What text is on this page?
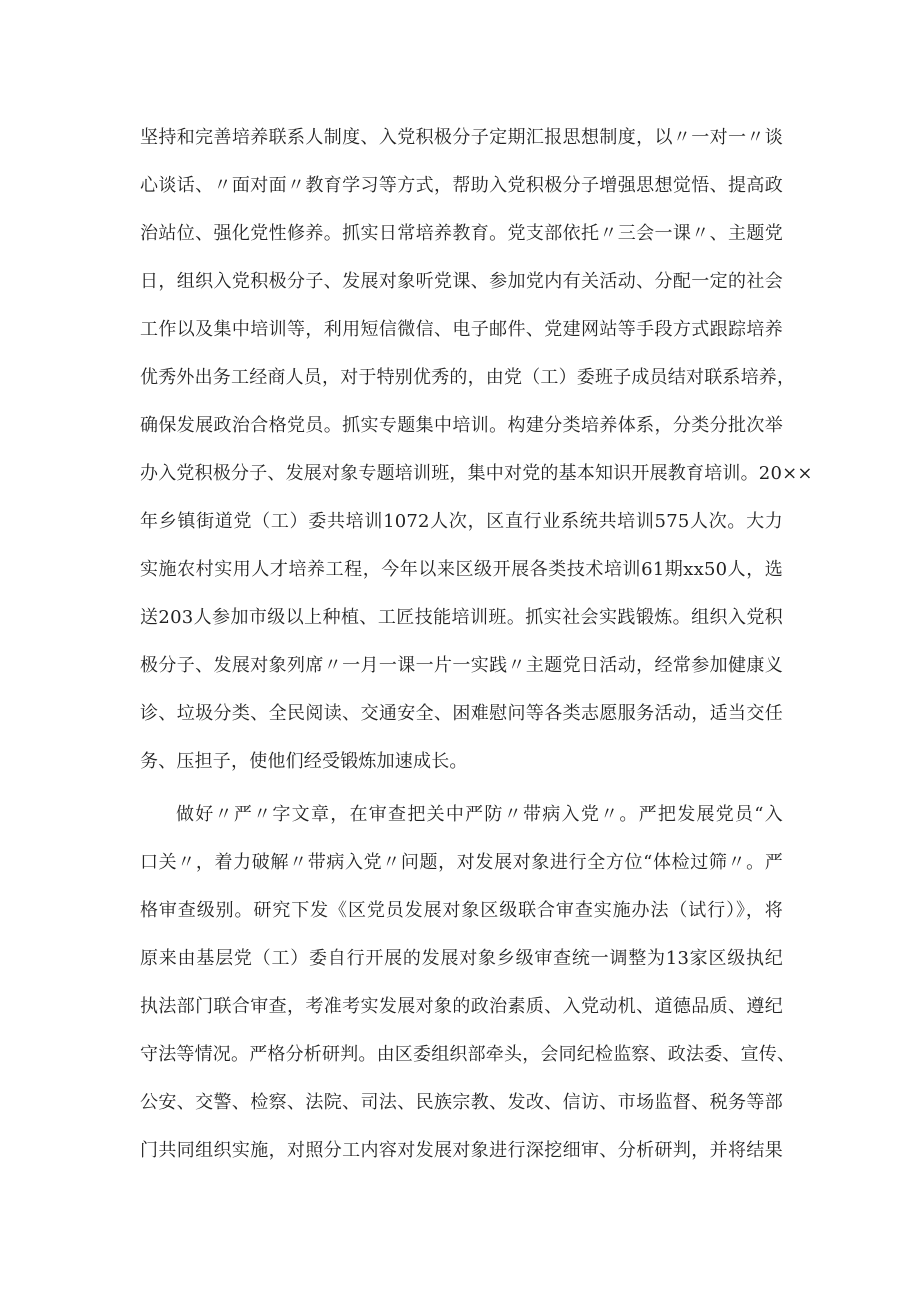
坚持和完善培养联系人制度、入党积极分子定期汇报思想制度，以〃一对一〃谈
心谈话、〃面对面〃教育学习等方式，帮助入党积极分子增强思想觉悟、提高政
治站位、强化党性修养。抓实日常培养教育。党支部依托〃三会一课〃、主题党
日，组织入党积极分子、发展对象听党课、参加党内有关活动、分配一定的社会
工作以及集中培训等，利用短信微信、电子邮件、党建网站等手段方式跟踪培养
优秀外出务工经商人员，对于特别优秀的，由党（工）委班子成员结对联系培养，
确保发展政治合格党员。抓实专题集中培训。构建分类培养体系，分类分批次举
办入党积极分子、发展对象专题培训班，集中对党的基本知识开展教育培训。20××
年乡镇街道党（工）委共培训1072人次，区直行业系统共培训575人次。大力
实施农村实用人才培养工程，今年以来区级开展各类技术培训61期xx50人，选
送203人参加市级以上种植、工匠技能培训班。抓实社会实践锻炼。组织入党积
极分子、发展对象列席〃一月一课一片一实践〃主题党日活动，经常参加健康义
诊、垃圾分类、全民阅读、交通安全、困难慰问等各类志愿服务活动，适当交任
务、压担子，使他们经受锻炼加速成长。
做好〃严〃字文章，在审查把关中严防〃带病入党〃。严把发展党员“入
口关〃，着力破解〃带病入党〃问题，对发展对象进行全方位“体检过筛〃。严
格审查级别。研究下发《区党员发展对象区级联合审查实施办法（试行）》，将
原来由基层党（工）委自行开展的发展对象乡级审查统一调整为13家区级执纪
执法部门联合审查，考准考实发展对象的政治素质、入党动机、道德品质、遵纪
守法等情况。严格分析研判。由区委组织部牵头，会同纪检监察、政法委、宣传、
公安、交警、检察、法院、司法、民族宗教、发改、信访、市场监督、税务等部
门共同组织实施，对照分工内容对发展对象进行深挖细审、分析研判，并将结果
